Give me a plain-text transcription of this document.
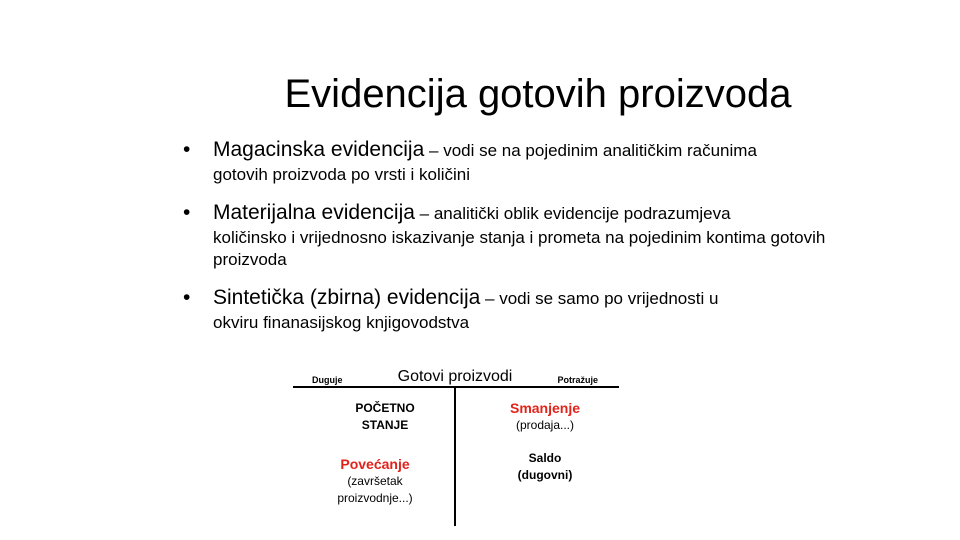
Evidencija gotovih proizvoda
• Magacinska evidencija – vodi se na pojedinim analitičkim računima
gotovih proizvoda po vrsti i količini
• Materijalna evidencija – analitički oblik evidencije podrazumjeva
količinsko i vrijednosno iskazivanje stanja i prometa na pojedinim kontima gotovih proizvoda
• Sintetička (zbirna) evidencija – vodi se samo po vrijednosti u
okviru finanasijskog knjigovodstva
Gotovi proizvodi
Duguje	Potražuje
POČETNO
STANJE
Povećanje
(završetak
proizvodnje...)
Smanjenje
(prodaja...)
Saldo
(dugovni)
